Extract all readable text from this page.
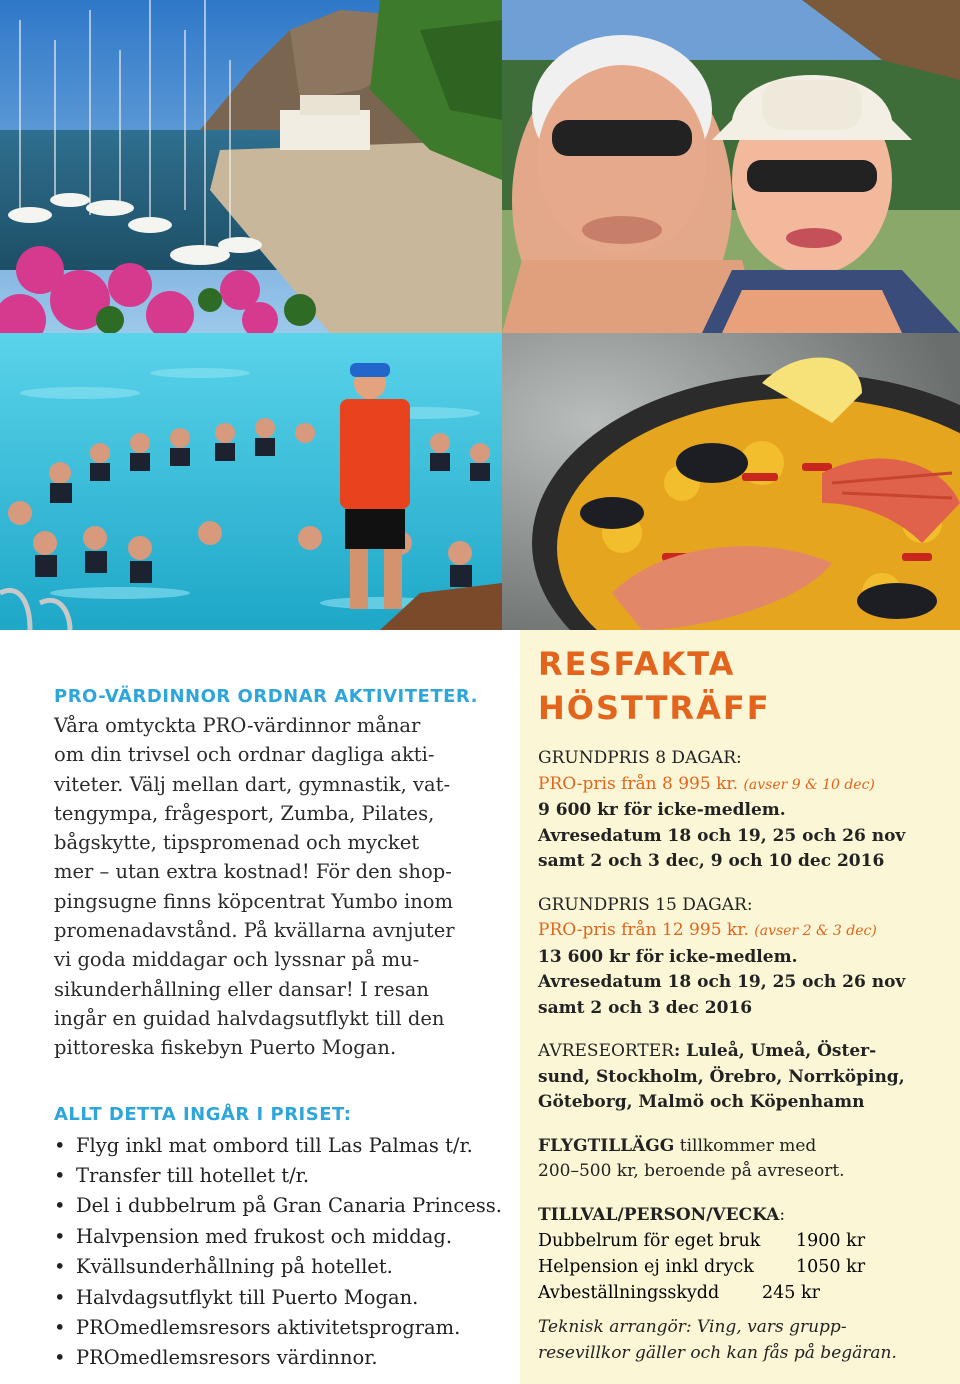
PRO-VÄRDINNOR ORDNAR AKTIVITETER.

Våra omtyckta PRO-värdinnor månar

om din trivsel och ordnar dagliga akti-

viteter. Välj mellan dart, gymnastik, vat-

tengympa, frågesport, Zumba, Pilates,

bågskytte, tipspromenad och mycket

mer – utan extra kostnad! För den shop-

pingsugne finns köpcentrat Yumbo inom

promenadavstånd. På kvällarna avnjuter

vi goda middagar och lyssnar på mu-

sikunderhållning eller dansar! I resan

ingår en guidad halvdagsutflykt till den

pittoreska fiskebyn Puerto Mogan.

ALLT DETTA INGÅR I PRISET:
• Flyg inkl mat ombord till Las Palmas t/r.
• Transfer till hotellet t/r.
• Del i dubbelrum på Gran Canaria Princess.
• Halvpension med frukost och middag.
• Kvällsunderhållning på hotellet.
• Halvdagsutflykt till Puerto Mogan.
• PROmedlemsresors aktivitetsprogram.
• PROmedlemsresors värdinnor.
RESFAKTA HÖSTTRÄFF
GRUNDPRIS 8 DAGAR:
PRO-pris från 8 995 kr. (avser 9 & 10 dec)
9 600 kr för icke-medlem.
Avresedatum 18 och 19, 25 och 26 nov
samt 2 och 3 dec, 9 och 10 dec 2016
GRUNDPRIS 15 DAGAR:
PRO-pris från 12 995 kr. (avser 2 & 3 dec)
13 600 kr för icke-medlem.
Avresedatum 18 och 19, 25 och 26 nov
samt 2 och 3 dec 2016
AVRESEORTER: Luleå, Umeå, Öster-
sund, Stockholm, Örebro, Norrköping,
Göteborg, Malmö och Köpenhamn
FLYGTILLÄGG tillkommer med
200–500 kr, beroende på avreseort.
TILLVAL/PERSON/VECKA:
Dubbelrum för eget bruk 1900 kr
Helpension ej inkl dryck 1050 kr
Avbeställningsskydd 245 kr
Teknisk arrangör: Ving, vars grupp-
resevillkor gäller och kan fås på begäran.
